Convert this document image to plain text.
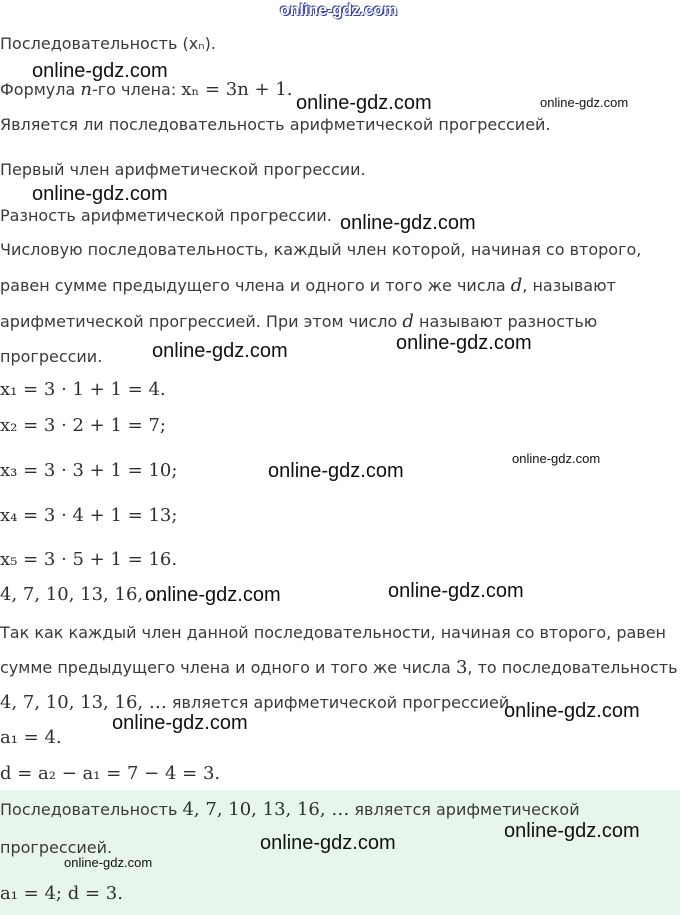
Последовательность (xₙ).
Формула n-го члена: xₙ = 3n + 1.
Является ли последовательность арифметической прогрессией.
Первый член арифметической прогрессии.
Разность арифметической прогрессии.
Числовую последовательность, каждый член которой, начиная со второго,
равен сумме предыдущего члена и одного и того же числа d, называют
арифметической прогрессией. При этом число d называют разностью
прогрессии.
x₁ = 3 · 1 + 1 = 4.
x₂ = 3 · 2 + 1 = 7;
x₃ = 3 · 3 + 1 = 10;
x₄ = 3 · 4 + 1 = 13;
x₅ = 3 · 5 + 1 = 16.
4, 7, 10, 13, 16, …
Так как каждый член данной последовательности, начиная со второго, равен
сумме предыдущего члена и одного и того же числа 3, то последовательность
4, 7, 10, 13, 16, … является арифметической прогрессией.
a₁ = 4.
d = a₂ − a₁ = 7 − 4 = 3.
Последовательность 4, 7, 10, 13, 16, … является арифметической
прогрессией.
a₁ = 4; d = 3.
online-gdz.com
online-gdz.com
online-gdz.com	online-gdz.com
online-gdz.com
online-gdz.com
online-gdz.com	online-gdz.com
online-gdz.com
online-gdz.com
online-gdz.com	online-gdz.com
online-gdz.com
online-gdz.com
online-gdz.com
online-gdz.com
online-gdz.com
